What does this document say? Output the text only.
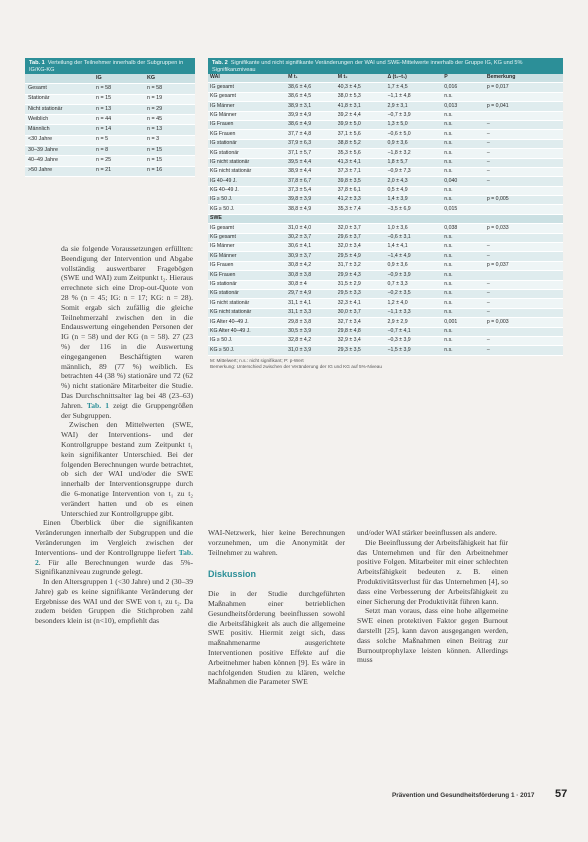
Tab. 1 Verteilung der Teilnehmer innerhalb der Subgruppen in IG/KG-KG
	IG	KG
Gesamt	n = 58	n = 58
Stationär	n = 15	n = 19
Nicht stationär	n = 13	n = 29
Weiblich	n = 44	n = 45
Männlich	n = 14	n = 13
<30 Jahre	n = 5	n = 3
30–39 Jahre	n = 8	n = 15
40–49 Jahre	n = 25	n = 15
>50 Jahre	n = 21	n = 16
Tab. 2 Signifikante und nicht signifikante Veränderungen der WAI und SWE-Mittelwerte innerhalb der Gruppe IG, KG und 5% Signifikanzniveau
WAI	M t₁	M t₂	Δ (t₂–t₁)	P	Bemerkung
IG gesamt	38,6 ± 4,6	40,3 ± 4,5	1,7 ± 4,5	0,016	p = 0,017
KG gesamt	38,6 ± 4,5	38,0 ± 5,3	−1,1 ± 4,8	n.s.	
IG Männer	38,9 ± 3,1	41,8 ± 3,1	2,9 ± 3,1	0,013	p = 0,041
KG Männer	39,9 ± 4,9	39,2 ± 4,4	−0,7 ± 3,9	n.s.	
IG Frauen	38,6 ± 4,9	39,9 ± 5,0	1,3 ± 5,0	n.s.	–
KG Frauen	37,7 ± 4,8	37,1 ± 5,6	−0,6 ± 5,0	n.s.	–
IG stationär	37,9 ± 6,3	38,8 ± 5,2	0,9 ± 3,6	n.s.	–
KG stationär	37,1 ± 5,7	35,3 ± 5,6	−1,8 ± 3,2	n.s.	–
IG nicht stationär	39,5 ± 4,4	41,3 ± 4,1	1,8 ± 5,7	n.s.	–
KG nicht stationär	38,9 ± 4,4	37,3 ± 7,1	−0,9 ± 7,3	n.s.	–
IG 40–49 J.	37,8 ± 6,7	39,8 ± 3,5	2,0 ± 4,3	0,040	–
KG 40–49 J.	37,3 ± 5,4	37,8 ± 6,1	0,5 ± 4,9	n.s.	
IG ≥ 50 J.	39,8 ± 3,9	41,2 ± 3,3	1,4 ± 3,9	n.s.	p = 0,005
KG ≥ 50 J.	38,8 ± 4,9	35,3 ± 7,4	−3,5 ± 6,9	0,015	
SWE					
IG gesamt	31,0 ± 4,0	32,0 ± 3,7	1,0 ± 3,6	0,038	p = 0,033
KG gesamt	30,2 ± 3,7	29,6 ± 3,7	−0,6 ± 3,1	n.s.	
IG Männer	30,6 ± 4,1	32,0 ± 3,4	1,4 ± 4,1	n.s.	–
KG Männer	30,9 ± 3,7	29,5 ± 4,9	−1,4 ± 4,9	n.s.	–
IG Frauen	30,8 ± 4,2	31,7 ± 3,2	0,9 ± 3,6	n.s.	p = 0,037
KG Frauen	30,8 ± 3,8	29,9 ± 4,3	−0,9 ± 3,9	n.s.	
IG stationär	30,8 ± 4	31,5 ± 2,9	0,7 ± 3,3	n.s.	–
KG stationär	29,7 ± 4,9	29,5 ± 3,3	−0,2 ± 3,5	n.s.	–
IG nicht stationär	31,1 ± 4,1	32,3 ± 4,1	1,2 ± 4,0	n.s.	–
KG nicht stationär	31,1 ± 3,3	30,0 ± 3,7	−1,1 ± 3,3	n.s.	–
IG Alter 40–49 J.	29,8 ± 3,8	32,7 ± 3,4	2,9 ± 2,9	0,001	p = 0,003
KG Alter 40–49 J.	30,5 ± 3,9	29,8 ± 4,8	−0,7 ± 4,1	n.s.	
IG ≥ 50 J.	32,8 ± 4,2	32,9 ± 3,4	−0,3 ± 3,9	n.s.	–
KG ≥ 50 J.	31,0 ± 3,9	29,3 ± 3,5	−1,5 ± 3,9	n.s.	–
M: Mittelwert; n.s.: nicht signifikant; P: p-Wert
Bemerkung: Unterschied zwischen der Veränderung der IG und KG auf 5%-Niveau

da sie folgende Voraussetzungen erfüllten: Beendigung der Intervention und Abgabe vollständig auswertbarer Fragebögen (SWE und WAI) zum Zeitpunkt t₂. Hieraus errechnete sich eine Drop-out-Quote von 28 % (n = 45; IG: n = 17; KG: n = 28). Somit ergab sich zufällig die gleiche Teilnehmerzahl zwischen den in die Endauswertung eingehenden Personen der IG (n = 58) und der KG (n = 58). 27 (23 %) der 116 in die Auswertung eingegangenen Beschäftigten waren männlich, 89 (77 %) weiblich. Es betrachten 44 (38 %) stationäre und 72 (62 %) nicht stationäre Mitarbeiter die Studie. Das Durchschnittsalter lag bei 48 (23–63) Jahren. Tab. 1 zeigt die Gruppengrößen der Subgruppen.

Zwischen den Mittelwerten (SWE, WAI) der Interventions- und der Kontrollgruppe bestand zum Zeitpunkt t₁ kein signifikanter Unterschied. Bei der folgenden Berechnungen wurde betrachtet, ob sich der WAI und/oder die SWE innerhalb der Interventionsgruppe durch die 6-monatige Intervention von t₁ zu t₂ verändert hatten und ob es einen Unterschied zur Kontrollgruppe gibt.

Einen Überblick über die signifikanten Veränderungen innerhalb der Subgruppen und die Veränderungen im Vergleich zwischen der Interventions- und der Kontrollgruppe liefert Tab. 2. Für alle Berechnungen wurde das 5%-Signifikanzniveau zugrunde gelegt.

In den Altersgruppen 1 (<30 Jahre) und 2 (30–39 Jahre) gab es keine signifikante Veränderung der Ergebnisse des WAI und der SWE von t₁ zu t₂. Da zudem beiden Gruppen die Stichproben zahl besonders klein ist (n<10), empfiehlt das

WAI-Netzwerk, hier keine Berechnungen vorzunehmen, um die Anonymität der Teilnehmer zu wahren.

Diskussion

Die in der Studie durchgeführten Maßnahmen einer betrieblichen Gesundheitsförderung beeinflussen sowohl die Arbeitsfähigkeit als auch die allgemeine SWE positiv. Hiermit zeigt sich, dass maßnahmenarme ausgerichtete Interventionen positive Effekte auf die Arbeitnehmer haben können [9]. Es wäre in nachfolgenden Studien zu klären, welche Maßnahmen die Parameter SWE

und/oder WAI stärker beeinflussen als andere.

Die Beeinflussung der Arbeitsfähigkeit hat für das Unternehmen und für den Arbeitnehmer positive Folgen. Mitarbeiter mit einer schlechten Arbeitsfähigkeit bedeuten z. B. einen Produktivitätsverlust für das Unternehmen [4], so dass eine Verbesserung der Arbeitsfähigkeit zu einer Sicherung der Produktivität führen kann.

Setzt man voraus, dass eine hohe allgemeine SWE einen protektiven Faktor gegen Burnout darstellt [25], kann davon ausgegangen werden, dass solche Maßnahmen einen Beitrag zur Burnoutprophylaxe leisten können. Allerdings muss

Prävention und Gesundheitsförderung 1 · 2017 57
